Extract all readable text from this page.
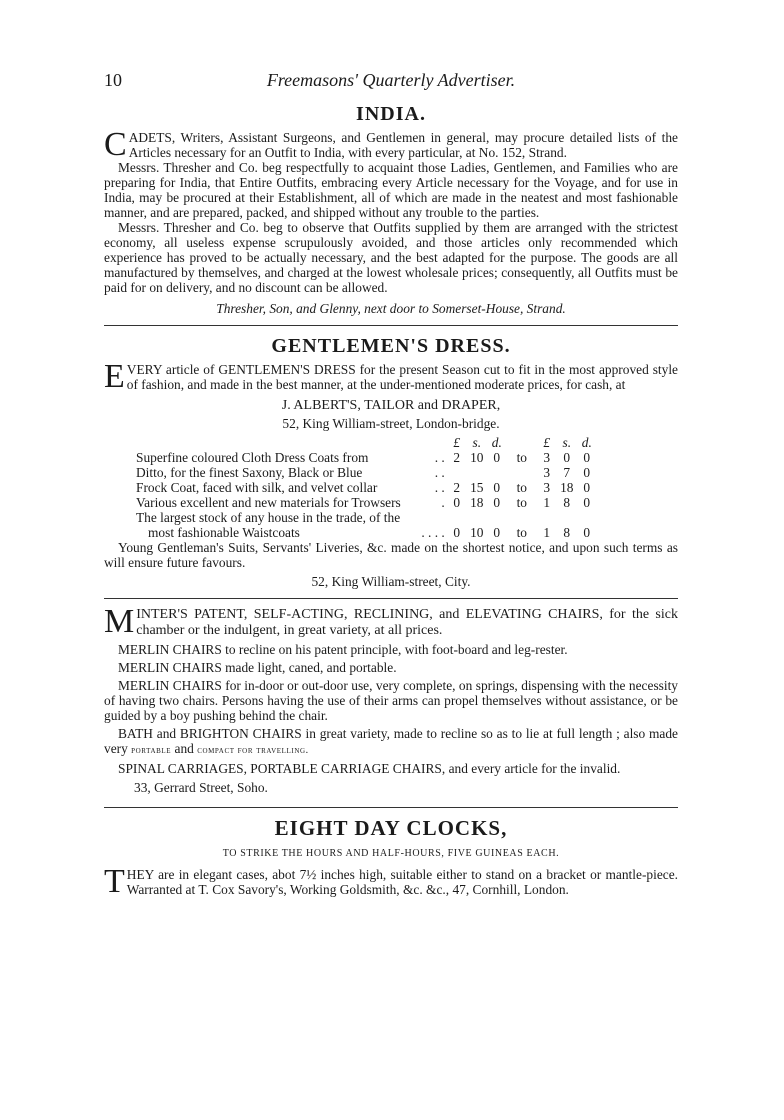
10	Freemasons' Quarterly Advertiser.
INDIA.

CADETS, Writers, Assistant Surgeons, and Gentlemen in general, may procure detailed lists of the Articles necessary for an Outfit to India, with every particular, at No. 152, Strand.

Messrs. Thresher and Co. beg respectfully to acquaint those Ladies, Gentlemen, and Families who are preparing for India, that Entire Outfits, embracing every Article necessary for the Voyage, and for use in India, may be procured at their Establishment, all of which are made in the neatest and most fashionable manner, and are prepared, packed, and shipped without any trouble to the parties.

Messrs. Thresher and Co. beg to observe that Outfits supplied by them are arranged with the strictest economy, all useless expense scrupulously avoided, and those articles only recommended which experience has proved to be actually necessary, and the best adapted for the purpose. The goods are all manufactured by themselves, and charged at the lowest wholesale prices; consequently, all Outfits must be paid for on delivery, and no discount can be allowed.

Thresher, Son, and Glenny, next door to Somerset-House, Strand.

GENTLEMEN'S DRESS.

EVERY article of GENTLEMEN'S DRESS for the present Season cut to fit in the most approved style of fashion, and made in the best manner, at the under-mentioned moderate prices, for cash, at

J. ALBERT'S, TAILOR and DRAPER,

52, King William-street, London-bridge.

		£	s.	d.		£	s.	d.
Superfine coloured Cloth Dress Coats from	. .	2	10	0	to	3	0	0
Ditto, for the finest Saxony, Black or Blue	. .					3	7	0
Frock Coat, faced with silk, and velvet collar	. .	2	15	0	to	3	18	0
Various excellent and new materials for Trowsers	.	0	18	0	to	1	8	0
The largest stock of any house in the trade, of the								
most fashionable Waistcoats	. . . .	0	10	0	to	1	8	0

Young Gentleman's Suits, Servants' Liveries, &c. made on the shortest notice, and upon such terms as will ensure future favours.

52, King William-street, City.

MINTER'S PATENT, SELF-ACTING, RECLINING, and ELEVATING CHAIRS, for the sick chamber or the indulgent, in great variety, at all prices.

MERLIN CHAIRS to recline on his patent principle, with foot-board and leg-rester.

MERLIN CHAIRS made light, caned, and portable.

MERLIN CHAIRS for in-door or out-door use, very complete, on springs, dispensing with the necessity of having two chairs. Persons having the use of their arms can propel themselves without assistance, or be guided by a boy pushing behind the chair.

BATH and BRIGHTON CHAIRS in great variety, made to recline so as to lie at full length ; also made very portable and compact for travelling.

SPINAL CARRIAGES, PORTABLE CARRIAGE CHAIRS, and every article for the invalid.

33, Gerrard Street, Soho.

EIGHT DAY CLOCKS,

TO STRIKE THE HOURS AND HALF-HOURS, FIVE GUINEAS EACH.

THEY are in elegant cases, abot 7½ inches high, suitable either to stand on a bracket or mantle-piece. Warranted at T. Cox Savory's, Working Goldsmith, &c. &c., 47, Cornhill, London.
